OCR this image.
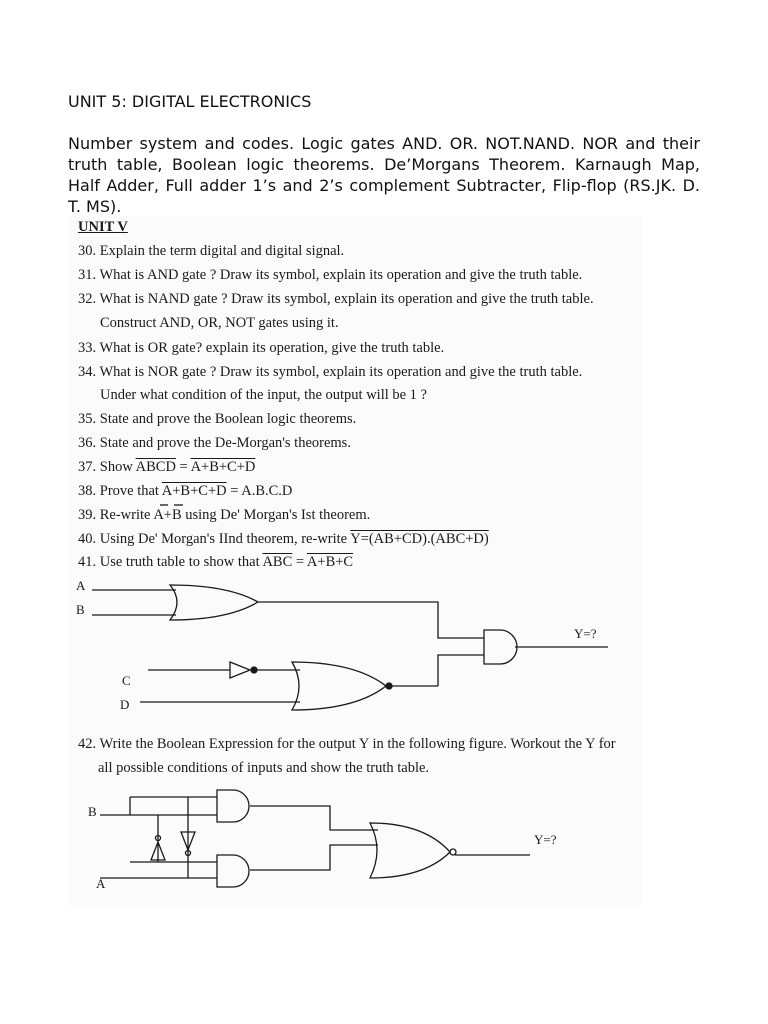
UNIT 5: DIGITAL ELECTRONICS
Number system and codes. Logic gates AND. OR. NOT.NAND. NOR and their truth table, Boolean logic theorems. De’Morgans Theorem. Karnaugh Map, Half Adder, Full adder 1’s and 2’s complement Subtracter, Flip-flop (RS.JK. D. T. MS).
UNIT V
30. Explain the term digital and digital signal.
31. What is AND gate ? Draw its symbol, explain its operation and give the truth table.
32. What is NAND gate ? Draw its symbol, explain its operation and give the truth table.
Construct AND, OR, NOT gates using it.
33. What is OR gate? explain its operation, give the truth table.
34. What is NOR gate ? Draw its symbol, explain its operation and give the truth table.
Under what condition of the input, the output will be 1 ?
35. State and prove the Boolean logic theorems.
36. State and prove the De-Morgan's theorems.
37. Show ABCD = A+B+C+D
38. Prove that A+B+C+D = A.B.C.D
39. Re-write A+B using De' Morgan's Ist theorem.
40. Using De' Morgan's IInd theorem, re-write Y=(AB+CD).(ABC+D)
41. Use truth table to show that $\overline{ABC} = A+B+C$
A
B
C
D
Y=?
42. Write the Boolean Expression for the output Y in the following figure. Workout the Y for
all possible conditions of inputs and show the truth table.
B
A
Y=?
